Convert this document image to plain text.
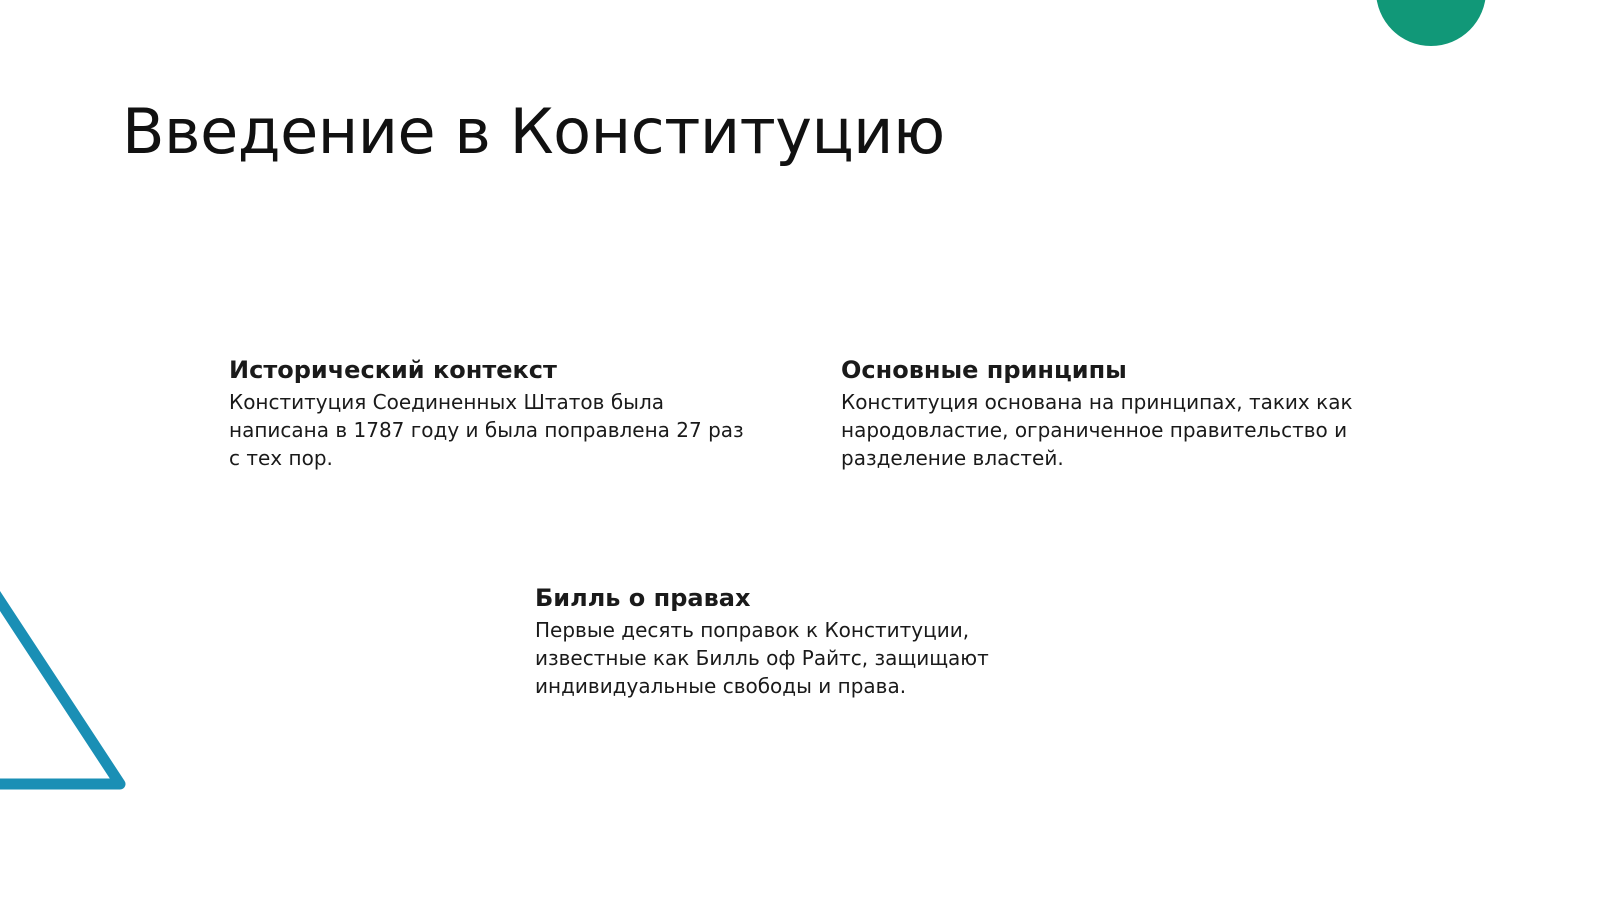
Введение в Конституцию
Исторический контекст

Конституция Соединенных Штатов была написана в 1787 году и была поправлена 27 раз с тех пор.

Основные принципы

Конституция основана на принципах, таких как народовластие, ограниченное правительство и разделение властей.

Билль о правах

Первые десять поправок к Конституции, известные как Билль оф Райтс, защищают индивидуальные свободы и права.
